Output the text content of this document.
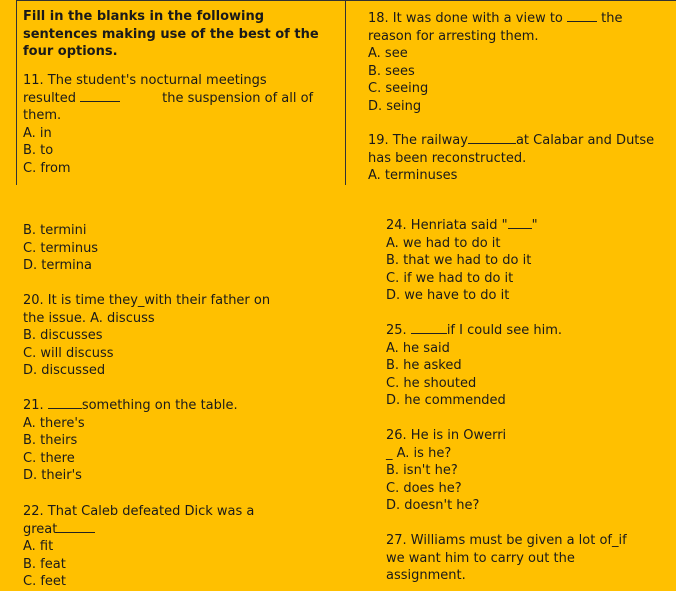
Fill in the blanks in the following
sentences making use of the best of the
four options.
11. The student's nocturnal meetings
resulted	the suspension of all of
them.
A. in
B. to
C. from
18. It was done with a view to  the
reason for arresting them.
A. see
B. sees
C. seeing
D. seing
19. The railway	at Calabar and Dutse
has been reconstructed.
A. terminuses
B. termini
C. terminus
D. termina
20. It is time they_with their father on
the issue. A. discuss
B. discusses
C. will discuss
D. discussed
21.	something on the table.
A. there's
B. theirs
C. there
D. their's
22. That Caleb defeated Dick was a
great
A. fit
B. feat
C. feet
24. Henriata said " "
A. we had to do it
B. that we had to do it
C. if we had to do it
D. we have to do it
25.	if I could see him.
A. he said
B. he asked
C. he shouted
D. he commended
26. He is in Owerri
_ A. is he?
B. isn't he?
C. does he?
D. doesn't he?
27. Williams must be given a lot of_if
we want him to carry out the
assignment.
